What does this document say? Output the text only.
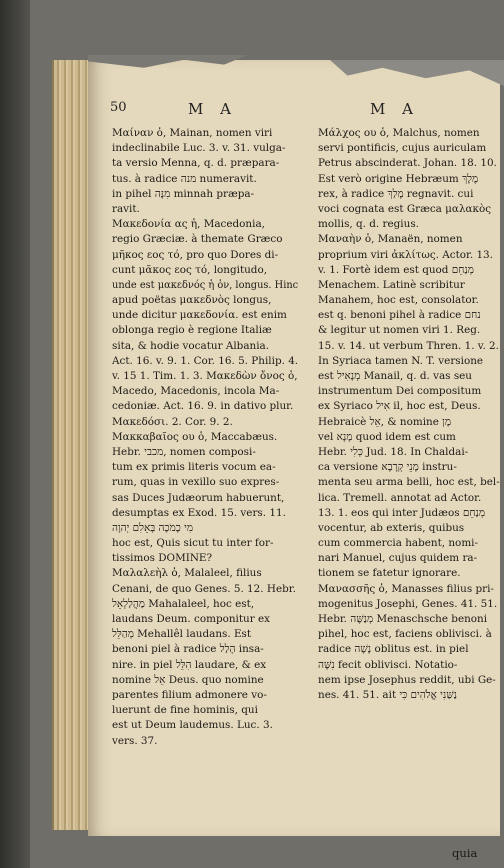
50	M A	M A
Μαίναν ὁ, Mainan, nomen viri
indeclinabile Luc. 3. v. 31. vulga-
ta versio Menna, q. d. præpara-
tus. à radice מנה numeravit.
in pihel מִנָּה minnah præpa-
ravit.
Μακεδονία ας ἡ, Macedonia,
regio Græciæ. à themate Græco
μῆκος εος τό, pro quo Dores di-
cunt μᾶκος εος τό, longitudo,
unde est μακεδνός ἡ ὁν, longus. Hinc
apud poëtas μακεδνὸς longus,
unde dicitur μακεδονία. est enim
oblonga regio è regione Italiæ
sita, & hodie vocatur Albania.
Act. 16. v. 9. 1. Cor. 16. 5. Philip. 4.
v. 15 1. Tim. 1. 3. Μακεδὼν ὄνος ὁ,
Macedo, Macedonis, incola Ma-
cedoniæ. Act. 16. 9. in dativo plur.
Μακεδόσι. 2. Cor. 9. 2.
Μακκαβαῖος ου ὁ, Maccabæus.
Hebr. מכבי, nomen composi-
tum ex primis literis vocum ea-
rum, quas in vexillo suo expres-
sas Duces Judæorum habuerunt,
desumptas ex Exod. 15. vers. 11.
מִי כָמֹכָה בָּאֵלִם יְהוָה
hoc est, Quis sicut tu inter for-
tissimos DOMINE?
Μαλαλεὴλ ὁ, Malaleel, filius
Cenani, de quo Genes. 5. 12. Hebr.
מַהֲלַלְאֵל Mahalaleel, hoc est,
laudans Deum. componitur ex
מְהַלֵּל Mehallêl laudans. Est
benoni piel à radice הָלַל insa-
nire. in piel הִלֵּל laudare, & ex
nomine אֵל Deus. quo nomine
parentes filium admonere vo-
luerunt de fine hominis, qui
est ut Deum laudemus. Luc. 3.
vers. 37.
Μάλχος ου ὁ, Malchus, nomen
servi pontificis, cujus auriculam
Petrus abscinderat. Johan. 18. 10.
Est verò origine Hebræum מֶלֶךְ
rex, à radice מָלַךְ regnavit. cui
voci cognata est Græca μαλακὸς
mollis, q. d. regius.
Μαναὴν ὁ, Manaën, nomen
proprium viri ἀκλίτως. Actor. 13.
v. 1. Fortè idem est quod מְנַחֵם
Menachem. Latinè scribitur
Manahem, hoc est, consolator.
est q. benoni pihel à radice נחם
& legitur ut nomen viri 1. Reg.
15. v. 14. ut verbum Thren. 1. v. 2.
In Syriaca tamen N. T. versione
est מְנָאִיל Manail, q. d. vas seu
instrumentum Dei compositum
ex Syriaco אִיל il, hoc est, Deus.
Hebraicè אֵל, & nomine מָן
vel מָנָא quod idem est cum
Hebr. כְּלִי Jud. 18. In Chaldai-
ca versione מָנֵי קְרָבָא instru-
menta seu arma belli, hoc est, bel-
lica. Tremell. annotat ad Actor.
13. 1. eos qui inter Judæos מְנַחֵם
vocentur, ab exteris, quibus
cum commercia habent, nomi-
nari Manuel, cujus quidem ra-
tionem se fatetur ignorare.
Μανασσῆς ὁ, Manasses filius pri-
mogenitus Josephi, Genes. 41. 51.
Hebr. מְנַשֶּׁה Menaschsche benoni
pihel, hoc est, faciens oblivisci. à
radice נָשָׁה oblitus est. in piel
נִשָּׁה fecit oblivisci. Notatio-
nem ipse Josephus reddit, ubi Ge-
nes. 41. 51. ait נַשַּׁנִי אֱלֹהִים כִּי
quia
